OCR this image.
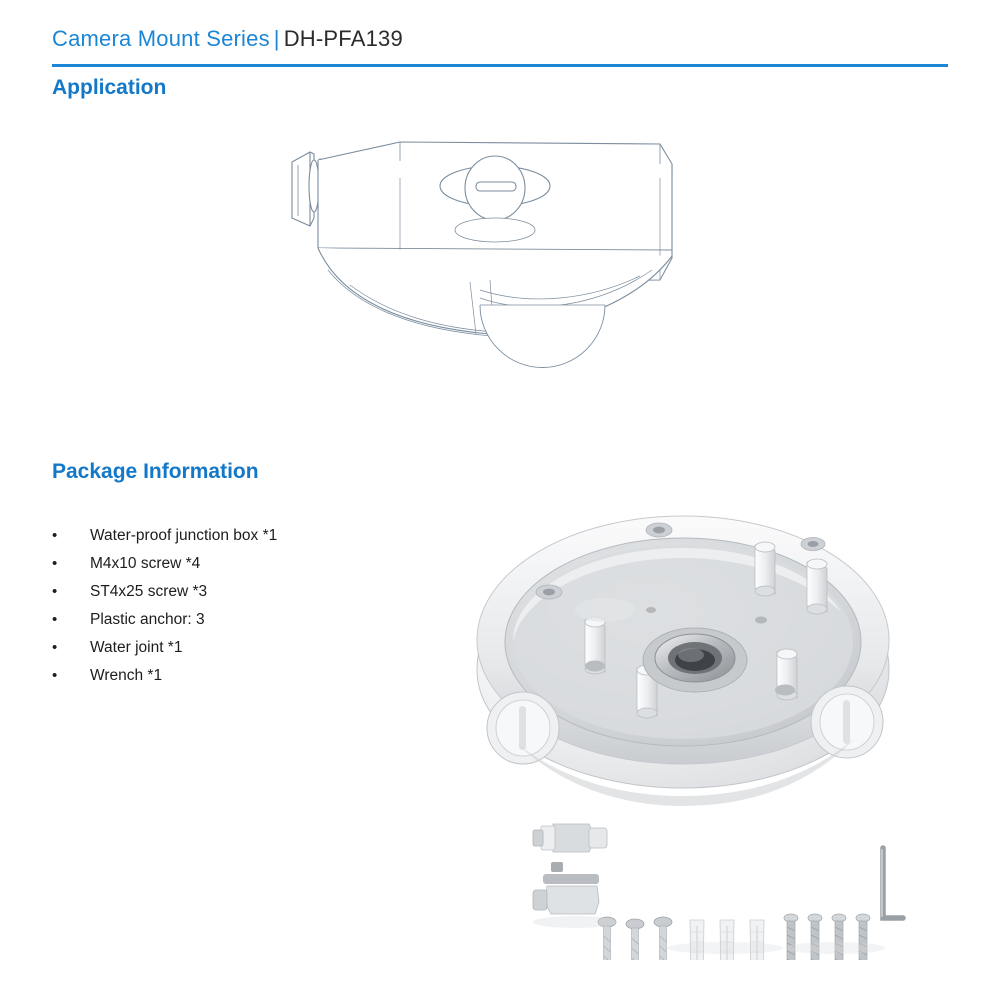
Camera Mount Series | DH-PFA139
Application
Package Information
• Water-proof junction box *1
• M4x10 screw *4
• ST4x25 screw *3
• Plastic anchor: 3
• Water joint *1
• Wrench *1
